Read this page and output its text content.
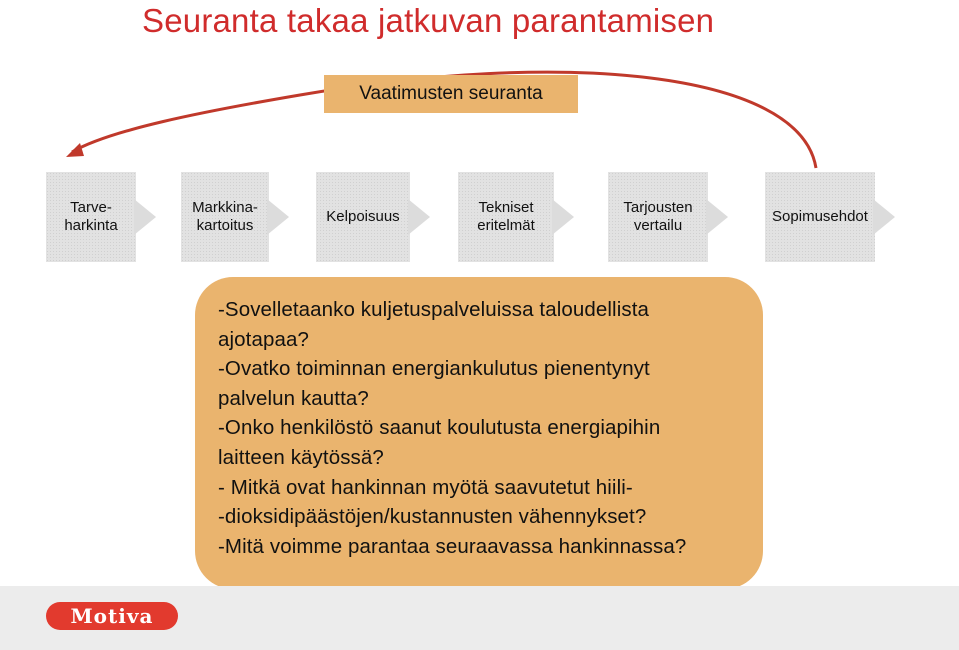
Seuranta takaa jatkuvan parantamisen
Vaatimusten seuranta
Tarve-
harkinta
Markkina-
kartoitus
Kelpoisuus
Tekniset
eritelmät
Tarjousten
vertailu
Sopimusehdot
-Sovelletaanko kuljetuspalveluissa taloudellista
ajotapaa?
-Ovatko toiminnan energiankulutus pienentynyt
palvelun kautta?
-Onko henkilöstö saanut koulutusta energiapihin
laitteen käytössä?
- Mitkä ovat hankinnan myötä saavutetut hiili-
-dioksidipäästöjen/kustannusten vähennykset?
-Mitä voimme parantaa seuraavassa hankinnassa?
Motiva
